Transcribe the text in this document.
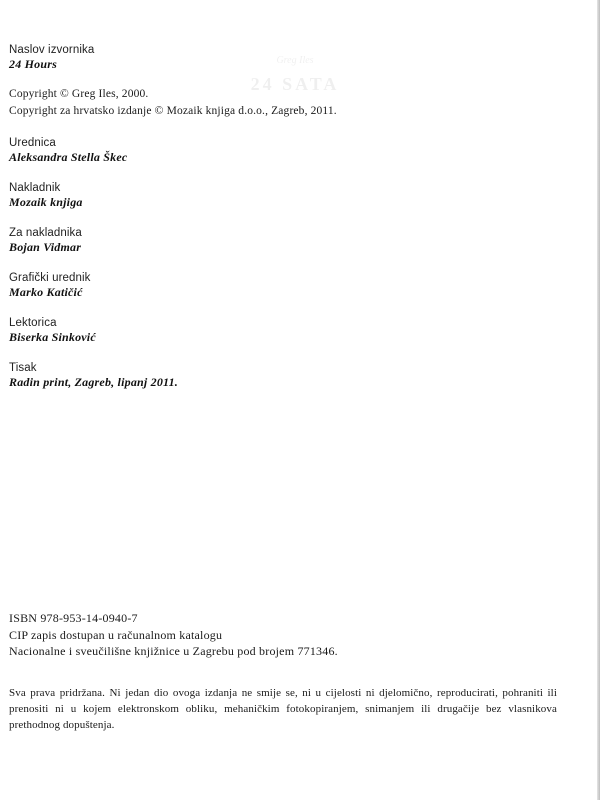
Greg Iles
24 SATA
Naslov izvornika
24 Hours
Copyright © Greg Iles, 2000.
Copyright za hrvatsko izdanje © Mozaik knjiga d.o.o., Zagreb, 2011.
Urednica
Aleksandra Stella Škec
Nakladnik
Mozaik knjiga
Za nakladnika
Bojan Vidmar
Grafički urednik
Marko Katičić
Lektorica
Biserka Sinković
Tisak
Radin print, Zagreb, lipanj 2011.
ISBN 978-953-14-0940-7
CIP zapis dostupan u računalnom katalogu
Nacionalne i sveučilišne knjižnice u Zagrebu pod brojem 771346.
Sva prava pridržana. Ni jedan dio ovoga izdanja ne smije se, ni u cijelosti ni djelomično, reproducirati, pohraniti ili prenositi ni u kojem elektronskom obliku, mehaničkim fotokopiranjem, snimanjem ili drugačije bez vlasnikova prethodnog dopuštenja.
